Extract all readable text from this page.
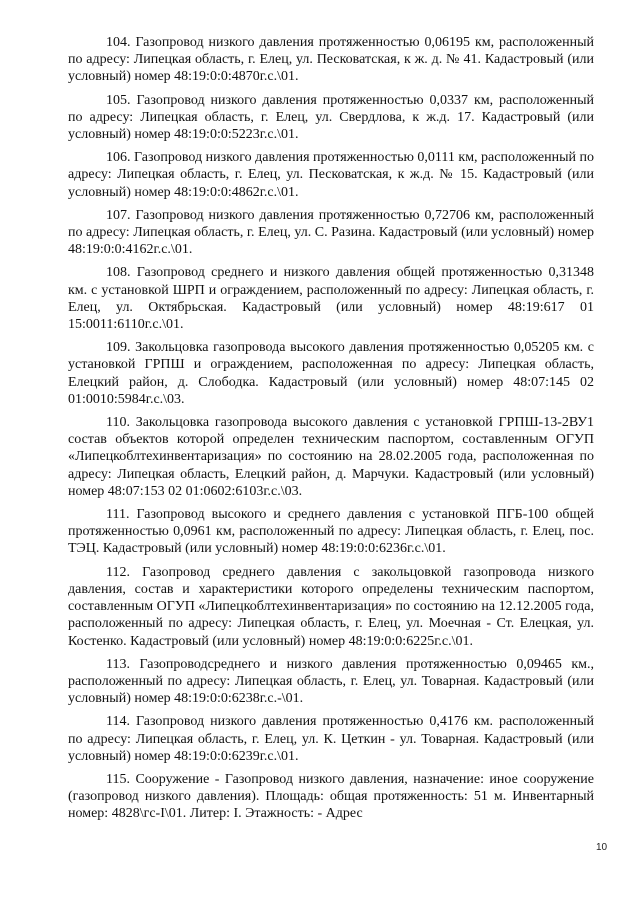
104. Газопровод низкого давления протяженностью 0,06195 км, расположенный по адресу: Липецкая область, г. Елец, ул. Песковатская, к ж. д. № 41. Кадастровый (или условный) номер 48:19:0:0:4870г.с.\01.

105. Газопровод низкого давления протяженностью 0,0337 км, расположенный по адресу: Липецкая область, г. Елец, ул. Свердлова, к ж.д. 17. Кадастровый (или условный) номер 48:19:0:0:5223г.с.\01.

106. Газопровод низкого давления протяженностью 0,0111 км, расположенный по адресу: Липецкая область, г. Елец, ул. Песковатская, к ж.д. № 15. Кадастровый (или условный) номер 48:19:0:0:4862г.с.\01.

107. Газопровод низкого давления протяженностью 0,72706 км, расположенный по адресу: Липецкая область, г. Елец, ул. С. Разина. Кадастровый (или условный) номер 48:19:0:0:4162г.с.\01.

108. Газопровод среднего и низкого давления общей протяженностью 0,31348 км. с установкой ШРП и ограждением, расположенный по адресу: Липецкая область, г. Елец, ул. Октябрьская. Кадастровый (или условный) номер 48:19:617 01 15:0011:6110г.с.\01.

109. Закольцовка газопровода высокого давления протяженностью 0,05205 км. с установкой ГРПШ и ограждением, расположенная по адресу: Липецкая область, Елецкий район, д. Слободка. Кадастровый (или условный) номер 48:07:145 02 01:0010:5984г.с.\03.

110. Закольцовка газопровода высокого давления с установкой ГРПШ-13-2ВУ1 состав объектов которой определен техническим паспортом, составленным ОГУП «Липецкоблтехинвентаризация» по состоянию на 28.02.2005 года, расположенная по адресу: Липецкая область, Елецкий район, д. Марчуки. Кадастровый (или условный) номер 48:07:153 02 01:0602:6103г.с.\03.

111. Газопровод высокого и среднего давления с установкой ПГБ-100 общей протяженностью 0,0961 км, расположенный по адресу: Липецкая область, г. Елец, пос. ТЭЦ. Кадастровый (или условный) номер 48:19:0:0:6236г.с.\01.

112. Газопровод среднего давления с закольцовкой газопровода низкого давления, состав и характеристики которого определены техническим паспортом, составленным ОГУП «Липецкоблтехинвентаризация» по состоянию на 12.12.2005 года, расположенный по адресу: Липецкая область, г. Елец, ул. Моечная - Ст. Елецкая, ул. Костенко. Кадастровый (или условный) номер 48:19:0:0:6225г.с.\01.

113. Газопроводсреднего и низкого давления протяженностью 0,09465 км., расположенный по адресу: Липецкая область, г. Елец, ул. Товарная. Кадастровый (или условный) номер 48:19:0:0:6238г.с.-\01.

114. Газопровод низкого давления протяженностью 0,4176 км. расположенный по адресу: Липецкая область, г. Елец, ул. К. Цеткин - ул. Товарная. Кадастровый (или условный) номер 48:19:0:0:6239г.с.\01.

115. Сооружение - Газопровод низкого давления, назначение: иное сооружение (газопровод низкого давления). Площадь: общая протяженность: 51 м. Инвентарный номер: 4828\гс-I\01. Литер: I. Этажность: - Адрес

10
